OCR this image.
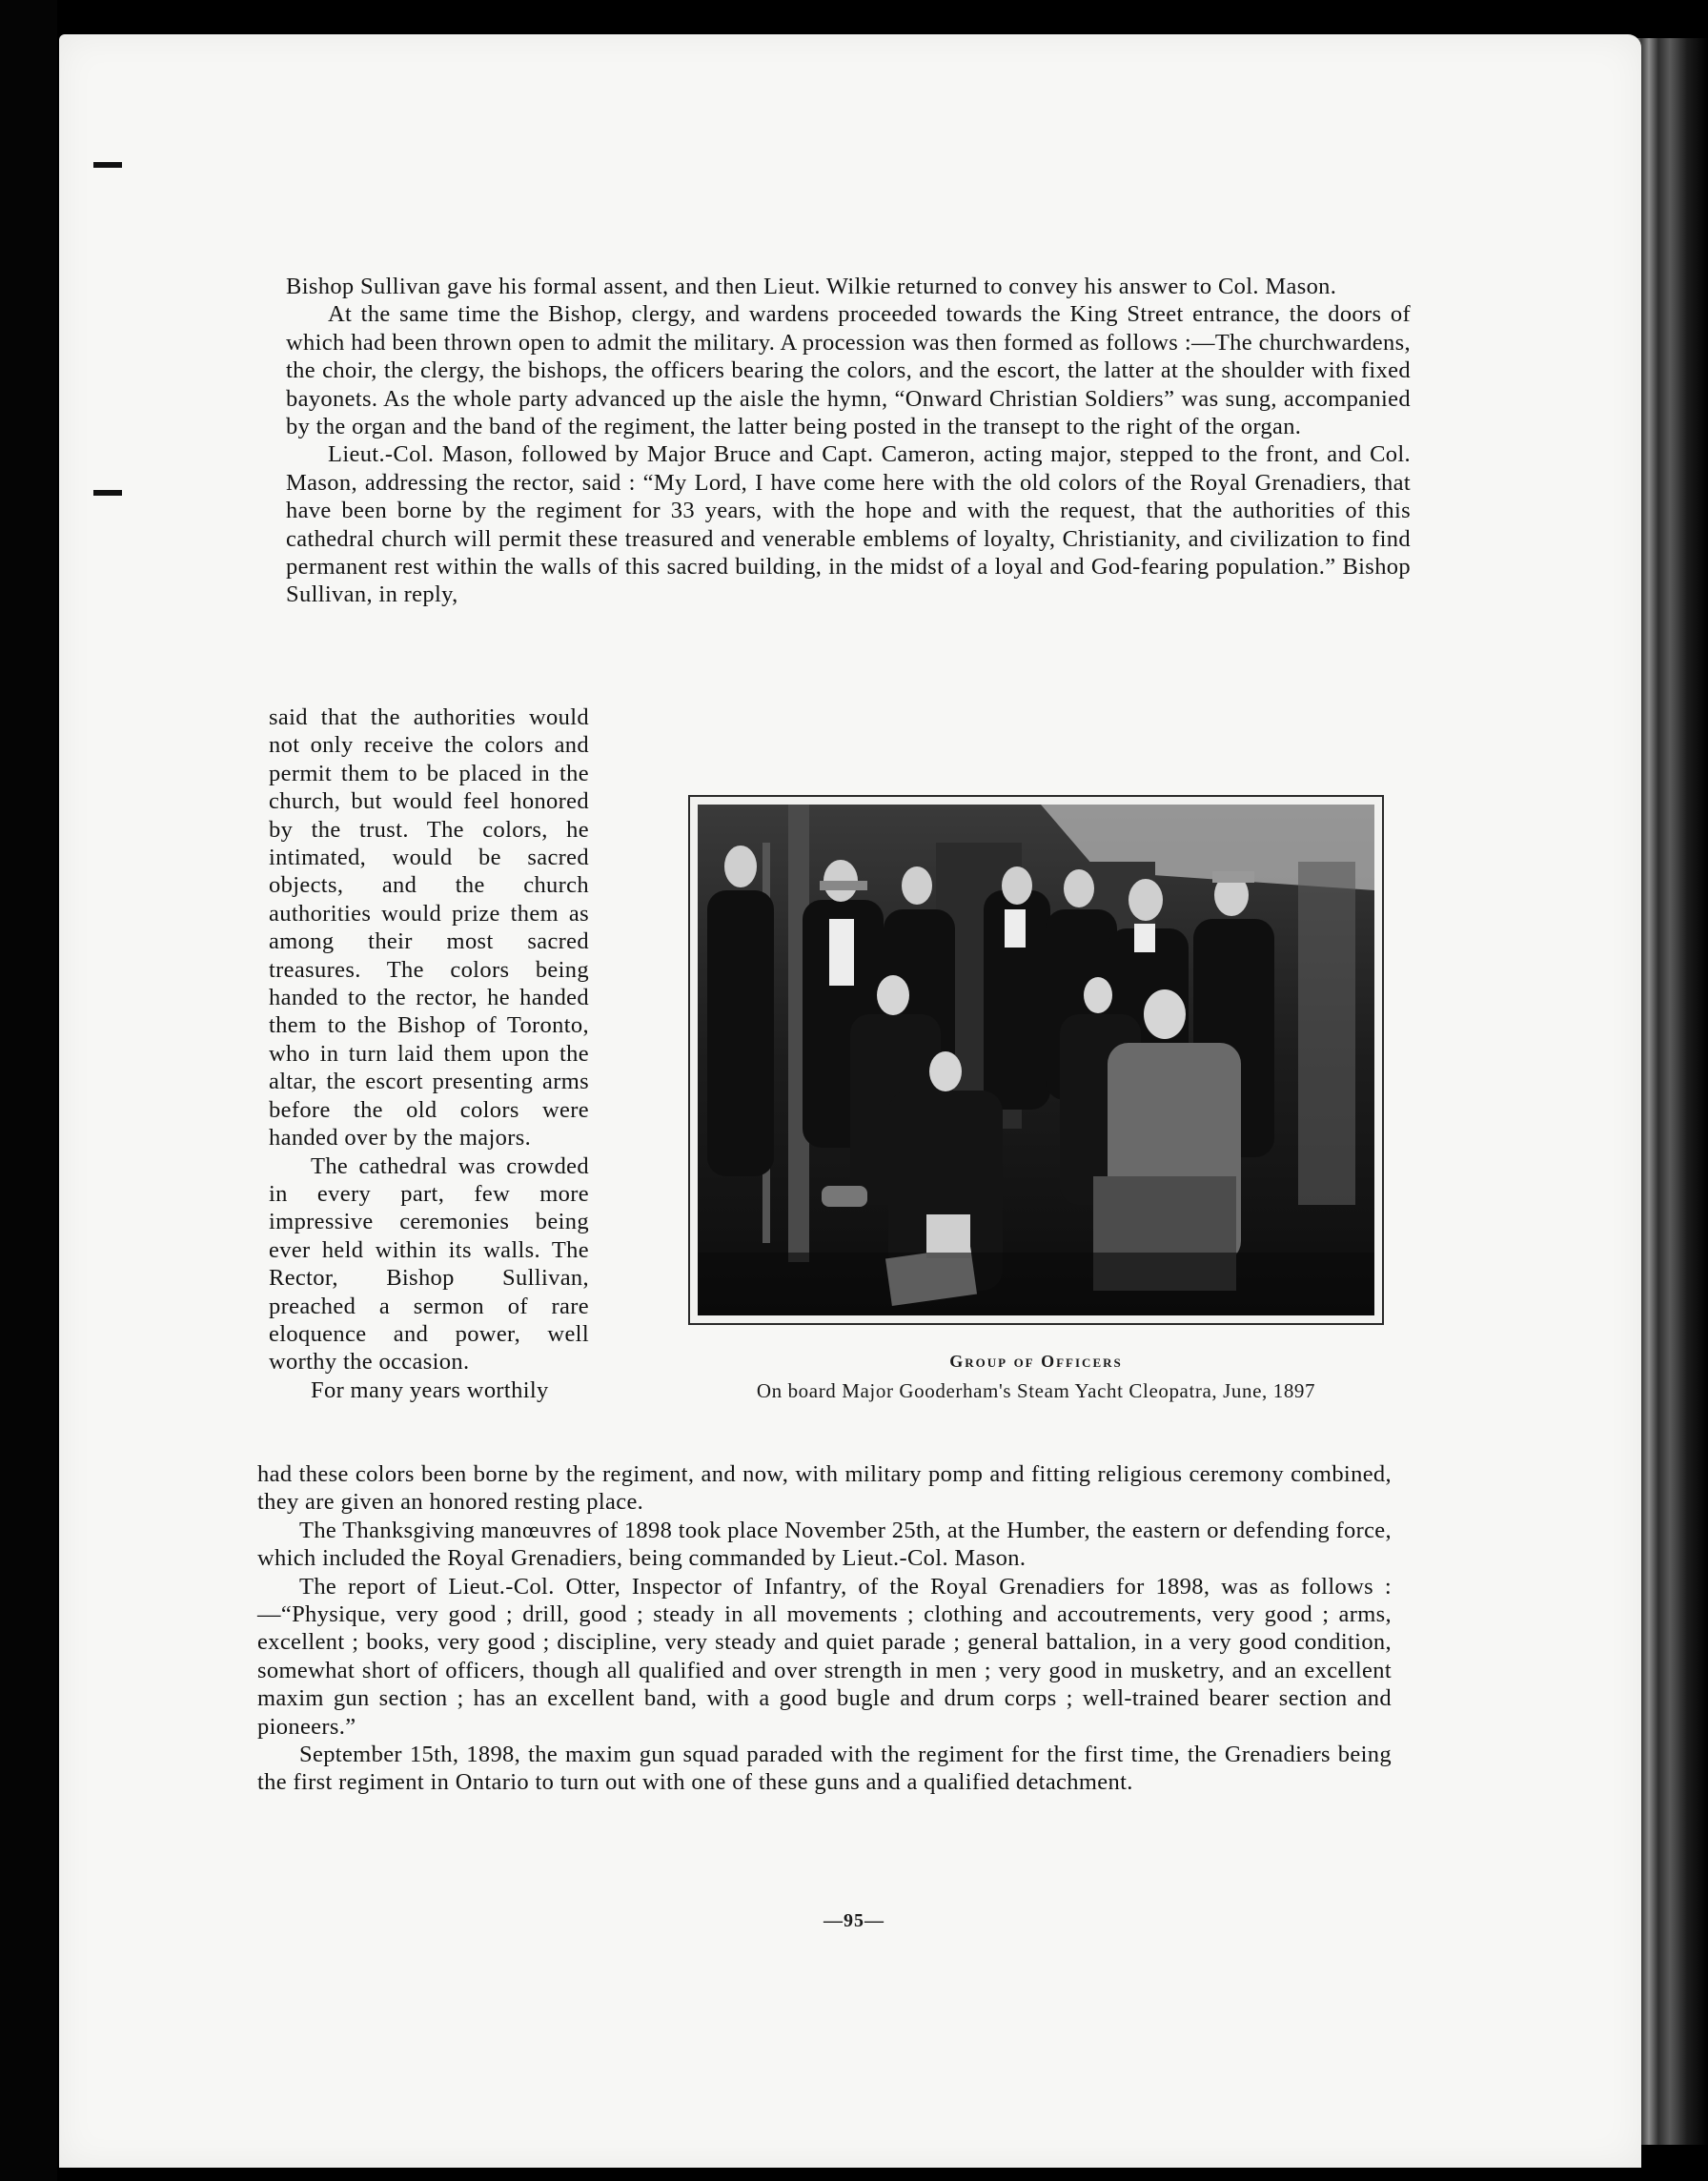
Bishop Sullivan gave his formal assent, and then Lieut. Wilkie returned to convey his answer to Col. Mason.

At the same time the Bishop, clergy, and wardens proceeded towards the King Street entrance, the doors of which had been thrown open to admit the military. A procession was then formed as follows :—The churchwardens, the choir, the clergy, the bishops, the officers bearing the colors, and the escort, the latter at the shoulder with fixed bayonets. As the whole party advanced up the aisle the hymn, “Onward Christian Soldiers” was sung, accompanied by the organ and the band of the regiment, the latter being posted in the transept to the right of the organ.

Lieut.-Col. Mason, followed by Major Bruce and Capt. Cameron, acting major, stepped to the front, and Col. Mason, addressing the rector, said : “My Lord, I have come here with the old colors of the Royal Grenadiers, that have been borne by the regiment for 33 years, with the hope and with the request, that the authorities of this cathedral church will permit these treasured and venerable emblems of loyalty, Christianity, and civilization to find permanent rest within the walls of this sacred building, in the midst of a loyal and God-fearing population.” Bishop Sullivan, in reply,

said that the authorities would not only receive the colors and permit them to be placed in the church, but would feel honored by the trust. The colors, he intimated, would be sacred objects, and the church authorities would prize them as among their most sacred treasures. The colors being handed to the rector, he handed them to the Bishop of Toronto, who in turn laid them upon the altar, the escort presenting arms before the old colors were handed over by the majors.

The cathedral was crowded in every part, few more impressive ceremonies being ever held within its walls. The Rector, Bishop Sullivan, preached a sermon of rare eloquence and power, well worthy the occasion.

For many years worthily

Group of Officers
On board Major Gooderham's Steam Yacht Cleopatra, June, 1897

had these colors been borne by the regiment, and now, with military pomp and fitting religious ceremony combined, they are given an honored resting place.

The Thanksgiving manœuvres of 1898 took place November 25th, at the Humber, the eastern or defending force, which included the Royal Grenadiers, being commanded by Lieut.-Col. Mason.

The report of Lieut.-Col. Otter, Inspector of Infantry, of the Royal Grenadiers for 1898, was as follows :—“Physique, very good ; drill, good ; steady in all movements ; clothing and accoutrements, very good ; arms, excellent ; books, very good ; discipline, very steady and quiet parade ; general battalion, in a very good condition, somewhat short of officers, though all qualified and over strength in men ; very good in musketry, and an excellent maxim gun section ; has an excellent band, with a good bugle and drum corps ; well-trained bearer section and pioneers.”

September 15th, 1898, the maxim gun squad paraded with the regiment for the first time, the Grenadiers being the first regiment in Ontario to turn out with one of these guns and a qualified detachment.

—95—
